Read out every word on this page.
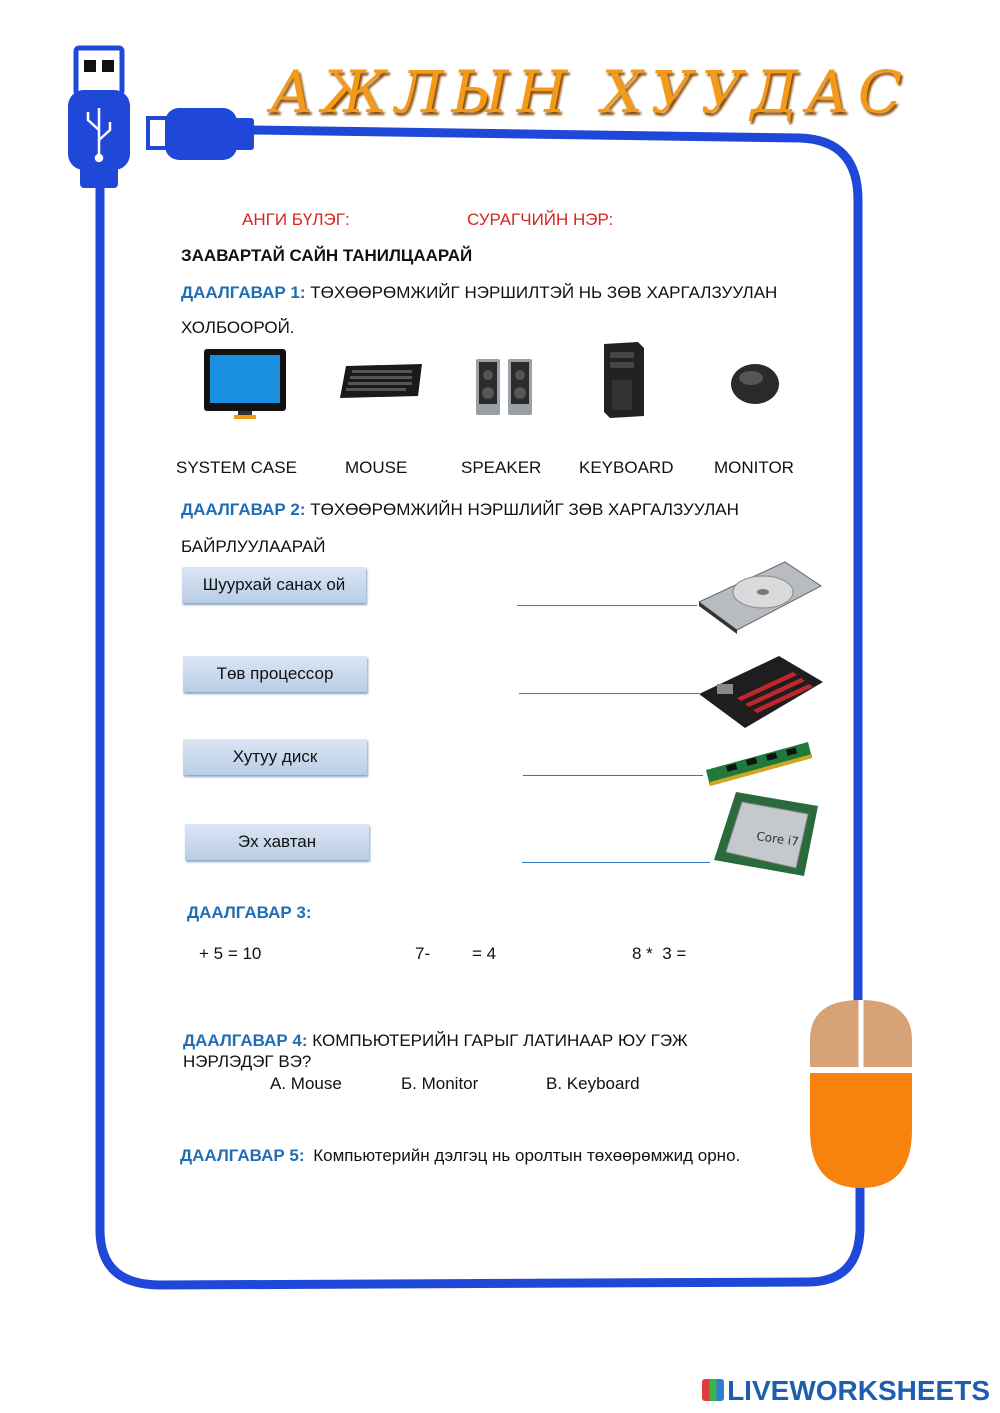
АЖЛЫН ХУУДАС
АНГИ БҮЛЭГ:	СУРАГЧИЙН НЭР:
ЗААВАРТАЙ САЙН ТАНИЛЦААРАЙ
ДААЛГАВАР 1: ТӨХӨӨРӨМЖИЙГ НЭРШИЛТЭЙ НЬ ЗӨВ ХАРГАЛЗУУЛАН
ХОЛБООРОЙ.
SYSTEM CASE	MOUSE	SPEAKER KEYBOARD MONITOR
ДААЛГАВАР 2: ТӨХӨӨРӨМЖИЙН НЭРШЛИЙГ ЗӨВ ХАРГАЛЗУУЛАН
БАЙРЛУУЛААРАЙ
Шуурхай санах ой
Төв процессор
Хутуу диск
Эх хавтан	Core i7
ДААЛГАВАР 3:
+ 5 = 10	7- = 4	8 *  3 =
ДААЛГАВАР 4: КОМПЬЮТЕРИЙН ГАРЫГ ЛАТИНААР ЮУ ГЭЖ
НЭРЛЭДЭГ ВЭ?
A. Mouse	Б. Monitor	B. Keyboard
ДААЛГАВАР 5: Компьютерийн дэлгэц нь оролтын төхөөрөмжид орно.
LIVEWORKSHEETS
